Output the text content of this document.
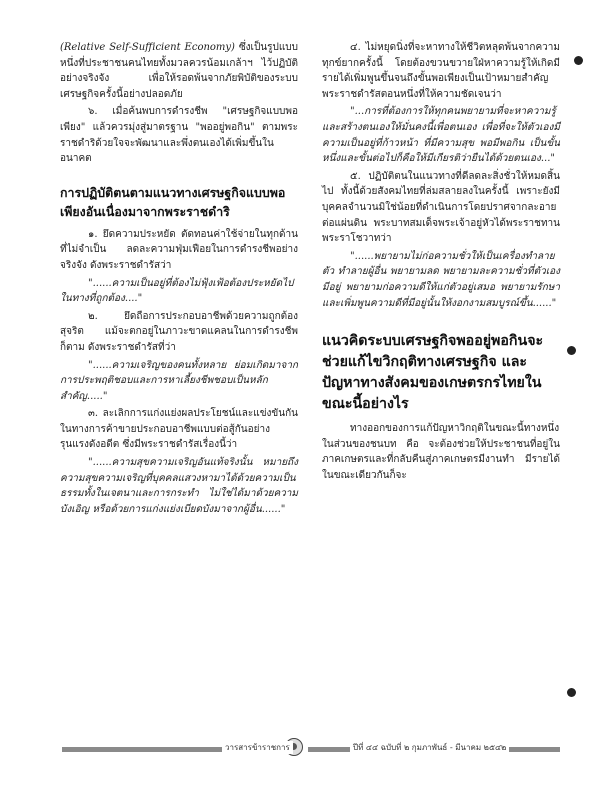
(Relative Self-Sufficient Economy) ซึ่งเป็นรูปแบบหนึ่งที่ประชาชนคนไทยทั้งมวลควรน้อมเกล้าฯ ไว้ปฏิบัติอย่างจริงจัง เพื่อให้รอดพ้นจากภัยพิบัติของระบบเศรษฐกิจครั้งนี้อย่างปลอดภัย

๖. เมื่อค้นพบการดำรงชีพ "เศรษฐกิจแบบพอเพียง" แล้วควรมุ่งสู่มาตรฐาน "พออยู่พอกิน" ตามพระราชดำริด้วยใจจะพัฒนาและพึ่งตนเองได้เพิ่มขึ้นในอนาคต

การปฏิบัติตนตามแนวทางเศรษฐกิจแบบพอเพียงอันเนื่องมาจากพระราชดำริ

๑. ยึดความประหยัด ตัดทอนค่าใช้จ่ายในทุกด้านที่ไม่จำเป็น ลดละความฟุ่มเฟือยในการดำรงชีพอย่างจริงจัง ดังพระราชดำรัสว่า

"......ความเป็นอยู่ที่ต้องไม่ฟุ้งเฟ้อต้องประหยัดไปในทางที่ถูกต้อง...."

๒. ยึดถือการประกอบอาชีพด้วยความถูกต้อง สุจริต แม้จะตกอยู่ในภาวะขาดแคลนในการดำรงชีพก็ตาม ดังพระราชดำรัสที่ว่า

"......ความเจริญของคนทั้งหลาย ย่อมเกิดมาจากการประพฤติชอบและการหาเลี้ยงชีพชอบเป็นหลักสำคัญ....."

๓. ละเลิกการแก่งแย่งผลประโยชน์และแข่งขันกันในทางการค้าขายประกอบอาชีพแบบต่อสู้กันอย่างรุนแรงดังอดีต ซึ่งมีพระราชดำรัสเรื่องนี้ว่า

"......ความสุขความเจริญอันแท้จริงนั้น หมายถึงความสุขความเจริญที่บุคคลแสวงหามาได้ด้วยความเป็นธรรมทั้งในเจตนาและการกระทำ ไม่ใช่ได้มาด้วยความบังเอิญ หรือด้วยการแก่งแย่งเบียดบังมาจากผู้อื่น......"

๔. ไม่หยุดนิ่งที่จะหาทางให้ชีวิตหลุดพ้นจากความทุกข์ยากครั้งนี้ โดยต้องขวนขวายใฝ่หาความรู้ให้เกิดมีรายได้เพิ่มพูนขึ้นจนถึงขั้นพอเพียงเป็นเป้าหมายสำคัญ พระราชดำรัสตอนหนึ่งที่ให้ความชัดเจนว่า

"...การที่ต้องการให้ทุกคนพยายามที่จะหาความรู้ และสร้างตนเองให้มั่นคงนี้เพื่อตนเอง เพื่อที่จะให้ตัวเองมีความเป็นอยู่ที่ก้าวหน้า ที่มีความสุข พอมีพอกิน เป็นขั้นหนึ่งและขั้นต่อไปก็คือให้มีเกียรติว่ายืนได้ด้วยตนเอง..."

๕. ปฏิบัติตนในแนวทางที่ดีลดละสิ่งชั่วให้หมดสิ้นไป ทั้งนี้ด้วยสังคมไทยที่ล่มสลายลงในครั้งนี้ เพราะยังมีบุคคลจำนวนมิใช่น้อยที่ดำเนินการโดยปราศจากละอายต่อแผ่นดิน พระบาทสมเด็จพระเจ้าอยู่หัวได้พระราชทานพระราโชวาทว่า

"......พยายามไม่ก่อความชั่วให้เป็นเครื่องทำลายตัว ทำลายผู้อื่น พยายามลด พยายามละความชั่วที่ตัวเองมีอยู่ พยายามก่อความดีให้แก่ตัวอยู่เสมอ พยายามรักษาและเพิ่มพูนความดีที่มีอยู่นั้นให้งอกงามสมบูรณ์ขึ้น......"

แนวคิดระบบเศรษฐกิจพออยู่พอกินจะช่วยแก้ไขวิกฤติทางเศรษฐกิจ และปัญหาทางสังคมของเกษตรกรไทยในขณะนี้อย่างไร

ทางออกของการแก้ปัญหาวิกฤติในขณะนี้ทางหนึ่งในส่วนของชนบท คือ จะต้องช่วยให้ประชาชนที่อยู่ในภาคเกษตรและที่กลับคืนสู่ภาคเกษตรมีงานทำ มีรายได้ ในขณะเดียวกันก็จะ

วารสารข้าราชการ	ปีที่ ๔๔ ฉบับที่ ๒ กุมภาพันธ์ - มีนาคม ๒๕๔๒
